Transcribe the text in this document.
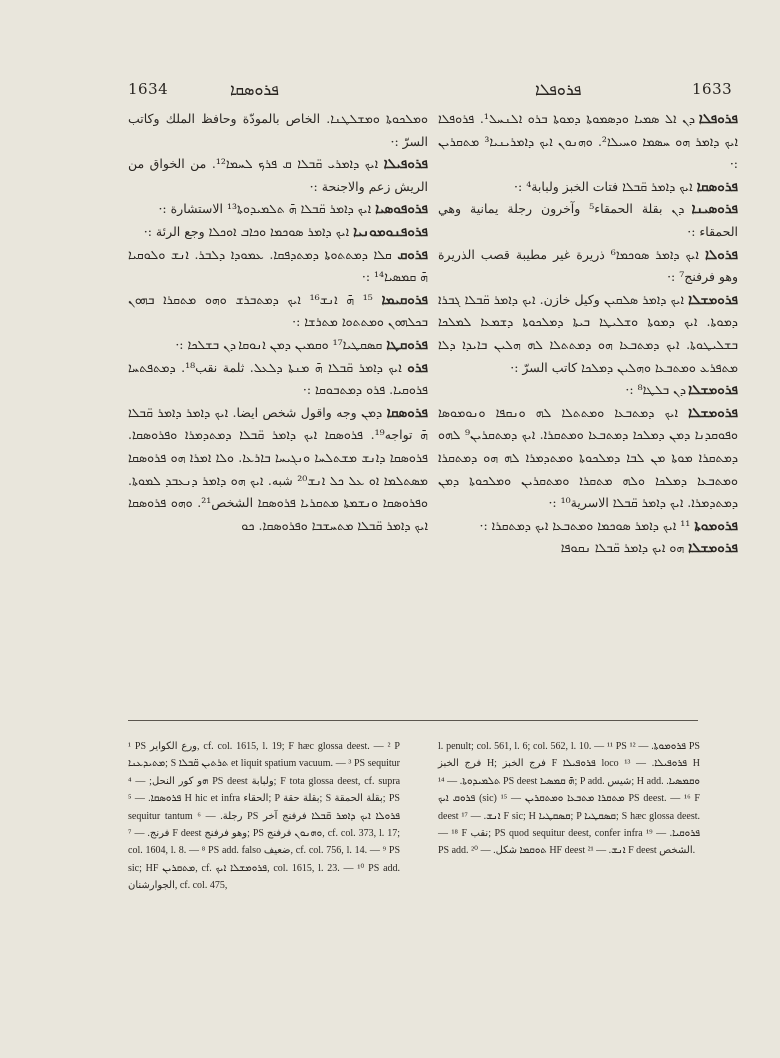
1634	ܦܪܘܣܩܐ	ܦܪܘܦܠܐ	1633

ܘܡܠܟܘܬܐ ܘܡܫܠܛܢܐ. الخاص بالمودّة وحافظ الملك وكاتب السرّ :·

ܦܪܘܦܝܠܐ ܐܝܟ ܕܐܡܪܝ ܩ̈ܒܠܐ ܩ ܦܪܟ ܠܚܡܐ¹². من الخواق من الريش زعم والاجنحة :·

ܦܪܘܦܘܣܝܐ ܐܝܟ ܕܐܡܪ ܩ̈ܒܠܐ ܗ̄ ܬܠܡܝܕܘܬܐ¹³ الاستشارة :·

ܦܪܘܦܢܘܡܘܢܝܐ ܐܝܟ ܕܐܡܪ ܣܘܟܡܐ ܘܟܐܒ ܐܘܟܠܐ وجع الرئة :·

ܦܪܘܩ ܩܠܐ ܕܡܬܬܘܬܐ ܕܡܬܕܦܩܐ. ܥܡܘܕܐ ܕܠܒܪ. ܐܢܫ ܘܠܘܩܝܐ ܗ̄ ܩܡܣܝܐ¹⁴ :·

ܦܪܘܩܝܡܐ ¹⁵ ܗ̄ ܐܢܫ¹⁶ ܐܝܟ ܕܡܬܒܪܫ ܘܗܘ ܡܬܩܪܐ ܒܗܘܢ ܒܟܠܗܘܢ ܘܡܬܬܘܐ ܡܬܪܫܐ :·

ܦܪܘܩܛܐ ܩܣܩܛܝܐ¹⁷ ܘܩܡܝܢ ܕܡܢ ܐܢܘܩܐ ܕܢ ܒܫܠܟܐ :·

ܦܪܘ ܐܝܟ ܕܐܡܪ ܩ̈ܒܠܐ ܗ̄ ܡܢܬܐ ܕܠܥܠ. ثلمة نقب¹⁸. ܕܡܬܦܬܚܐ ܦܪܘܩܝܐ. ܦܪܘ ܕܡܬܒܘܩܐ :·

ܦܪܘܣܩܐ ܕܡܢ وجه واقول شخص ايضا. ܐܝܟ ܕܐܡܪ ܕܐܡܪ ܩ̈ܒܠܐ ܗ̄ تواجه¹⁹. ܦܪܘܣܩܐ ܐܝܟ ܕܐܡܪ ܩ̈ܒܠܐ ܕܡܬܕܡܪܐ ܘܦܪܘܣܩܐ. ܦܪܘܣܩܐ ܕܐܢܫ ܡܫܬܠܚܐ ܘܢܓܝܚܐ ܒܐܪܥܐ. ܘܠܐ ܐܡܪܐ ܗܘ ܦܪܘܣܩܐ ܡܣܬܠܡܐ ܐܘ ܥܠ ܟܠ ܐܢܫ²⁰ شبه. ܐܝܟ ܗܘ ܕܐܡܪ ܕܢܥܒܕ ܠܡܘܬܐ. ܘܦܪܘܣܩܐ ܘܢܫܡܬܐ ܡܬܩܪܝܐ ܦܪܘܣܩܐ الشخص²¹. ܘܗܘ ܦܪܘܣܩܐ ܐܝܟ ܕܐܡܪ ܩ̈ܒܠܐ ܡܬܚܫܒܐ ܘܦܪܘܣܩܐ. ܟܘ

ܦܪܘܦܠܐ ܕܢ ܐܠ ܣܡܝܐ ܘܕܣܡܘܬܐ ܕܡܘܬܐ ܒܪܘ ܐܠܢܚܠ¹. ܦܪܘܦܠܐ ܐܝܟ ܕܐܡܪ ܗܘ ܚܣܡܐ ܘܚܝܠܐ². ܘܗܢܘܢ ܐܝܟ ܕܐܡܪܝܢܝܐ³ ܡܬܩܪܝܢ :·

ܦܪܘܣܩܐ ܐܝܟ ܕܐܡܪ ܩ̈ܒܠܐ فتات الخبز ولبابة⁴ :·

ܦܪܘܣܝܢܐ ܕܢ بقلة الحمقاء⁵ وآخرون رجلة يمانية وهي الحمقاء :·

ܦܪܘܠܐ ܐܝܟ ܕܐܡܪ ܣܘܟܡܐ⁶ ذريرة غير مطيبة قصب الذريرة وهو فرفنج⁷ :·

ܦܪܘܡܫܠܐ ܐܝܟ ܕܐܡܪ ܣܠܩܝܢ وكيل خازن. ܐܝܟ ܕܐܡܪ ܩ̈ܒܠܐ ܓܒܪܐ ܕܡܘܬܐ. ܐܝܟ ܕܡܘܬܐ ܘܫܠܝܛܐ ܒܝܬܐ ܕܡܠܟܘܬܐ ܕܫܡܥܐ ܠܡܠܟܐ ܒܫܠܝܛܘܬܐ. ܐܝܟ ܕܡܬܒܥܐ ܗܘ ܕܡܬܬܠܐ ܠܗ ܗܠܝܢ ܒܐܝܕܐ ܕܠܐ ܡܬܦܪܥ ܘܡܬܒܥܐ ܘܗܠܝܢ ܕܡܠܟܐ كاتب السرّ :·

ܦܪܘܡܫܠܐ ܕܢ ܒܠܛܐ⁸ :·

ܦܪܘܡܫܠܐ ܐܝܟ ܕܡܬܒܥܐ ܘܡܬܬܠܐ ܠܗ ܘܢܩܦܐ ܘܢܘܡܘܣܐ ܘܦܘܩܕܢܐ ܕܡܢ ܕܡܠܟܐ ܕܡܬܒܥܐ ܘܡܬܩܪܐ. ܐܝܟ ܕܡܬܩܪܝܢ⁹ ܠܗܘ ܕܡܬܩܪܐ ܡܘܬܐ ܡܢ ܠܒܐ ܕܡܠܟܘܬܐ ܘܡܬܕܡܪܐ ܠܗ ܗܘ ܕܡܬܩܪܐ ܘܡܬܒܥܐ ܕܡܠܟܐ ܘܠܗ ܡܬܩܪܐ ܘܡܬܩܪܝܢ ܘܡܠܟܘܬܐ ܕܡܢ ܕܡܬܕܡܪܐ. ܐܝܟ ܕܐܡܪ ܩ̈ܒܠܐ الاسرية¹⁰ :·

ܦܪܘܡܘܬܐ ¹¹ ܐܝܟ ܕܐܡܪ ܣܘܟܡܐ ܘܡܬܒܥܐ ܐܝܟ ܕܡܬܩܪܐ :·

ܦܪܘܡܫܠܐ ܗܘ ܐܝܟ ܕܐܡܪ ܩ̈ܒܠܐ ܢܩܘܦܐ

¹ PS ورع الكواير, cf. col. 1615, l. 19; F hæc glossa deest. — ² P ܡܬܝܕܥܢܐ; S ܬܪܬܝܢ ܩ̈ܒܠܐ et liquit spatium vacuum. — ³ PS sequitur ܗو كور النحل; — ⁴ PS deest ولبابة; F tota glossa deest, cf. supra ܦܪܘܣܩܐ. — ⁵ H hic et infra الحقاء; P بقلة حقة; S بقلة الحمقة; PS sequitur tantum رجلة. — ⁶ PS ܦܪܘܠܐ ܐܝܟ ܕܐܡܪ ܩ̈ܒܠܐ فرفنج آخر فرنج. — ⁷ F deest وهو فرفنج; PS ܘܗܢܘܢ فرفنج, cf. col. 373, l. 17; col. 1604, l. 8. — ⁸ PS add. falso ضعيف, cf. col. 756, l. 14. — ⁹ PS sic; HF ܡܬܩܪܝܢ, cf. ܦܪܘܡܫܠܐ ܐܝܟ, col. 1615, l. 23. — ¹⁰ PS add. الجوارشنان, cf. col. 475,

l. penult; col. 561, l. 6; col. 562, l. 10. — ¹¹ PS ܦܪܘܡܘܬܐ. — ¹² PS فرج الخبز H; فرج الخبز F ܦܪܘܦܝܠܐ loco ܦܪܘܦܝܠܐ. — ¹³ H ܬܠܡܝܕܘܬܐ. — ¹⁴ PS deest ܗ̄ ܩܡܣܝܐ; P add. شيس; H add. ܘܩܡܣܝܐ. ܦܪܘܩ ܐܝܟ (sic) ܡܬܩܪܐ ܡܬܒܥܐ ܘܡܬܩܪܝܢ — ¹⁵ PS deest. — ¹⁶ F deest ܐܢܫ. — ¹⁷ F sic; H ܩܣܩܛܝܐ; P ܩܣܩܛܝܐ; S hæc glossa deest. — ¹⁸ F نقب; PS quod sequitur deest, confer infra ܦܪܘܩܝܐ. — ¹⁹ PS add. ܬܘܩܡܐ شكل. — ²⁰ HF deest ܐܢܫ. — ²¹ F deest الشخص.
